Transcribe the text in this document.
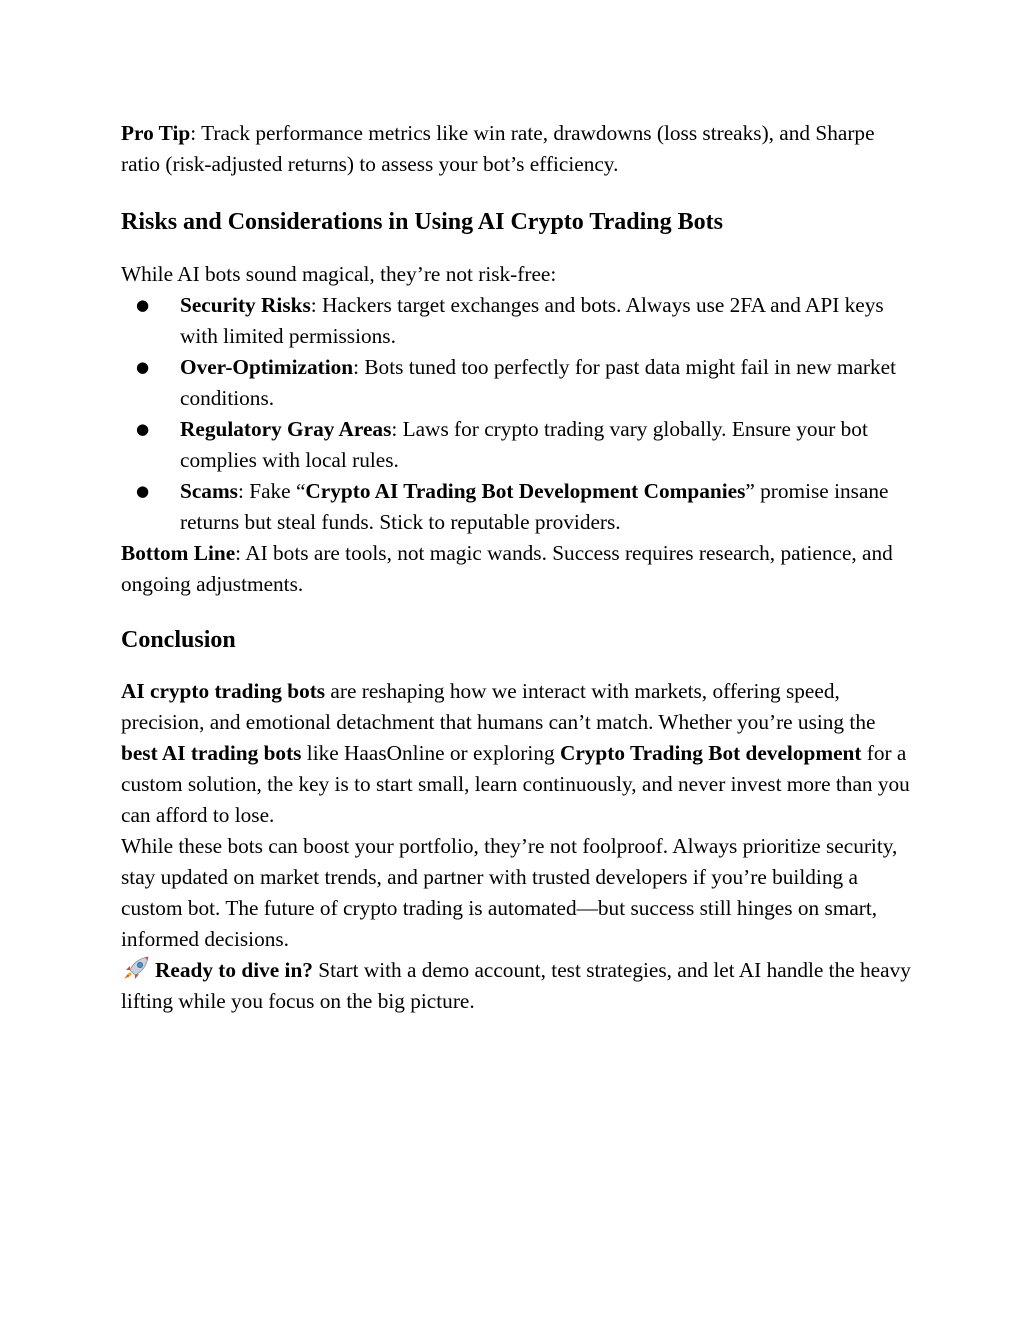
Pro Tip: Track performance metrics like win rate, drawdowns (loss streaks), and Sharpe ratio (risk-adjusted returns) to assess your bot’s efficiency.

Risks and Considerations in Using AI Crypto Trading Bots

While AI bots sound magical, they’re not risk-free:

● Security Risks: Hackers target exchanges and bots. Always use 2FA and API keys with limited permissions.
● Over-Optimization: Bots tuned too perfectly for past data might fail in new market conditions.
● Regulatory Gray Areas: Laws for crypto trading vary globally. Ensure your bot complies with local rules.
● Scams: Fake “Crypto AI Trading Bot Development Companies” promise insane returns but steal funds. Stick to reputable providers.

Bottom Line: AI bots are tools, not magic wands. Success requires research, patience, and ongoing adjustments.

Conclusion

AI crypto trading bots are reshaping how we interact with markets, offering speed, precision, and emotional detachment that humans can’t match. Whether you’re using the best AI trading bots like HaasOnline or exploring Crypto Trading Bot development for a custom solution, the key is to start small, learn continuously, and never invest more than you can afford to lose.

While these bots can boost your portfolio, they’re not foolproof. Always prioritize security, stay updated on market trends, and partner with trusted developers if you’re building a custom bot. The future of crypto trading is automated—but success still hinges on smart, informed decisions.

Ready to dive in? Start with a demo account, test strategies, and let AI handle the heavy lifting while you focus on the big picture.
